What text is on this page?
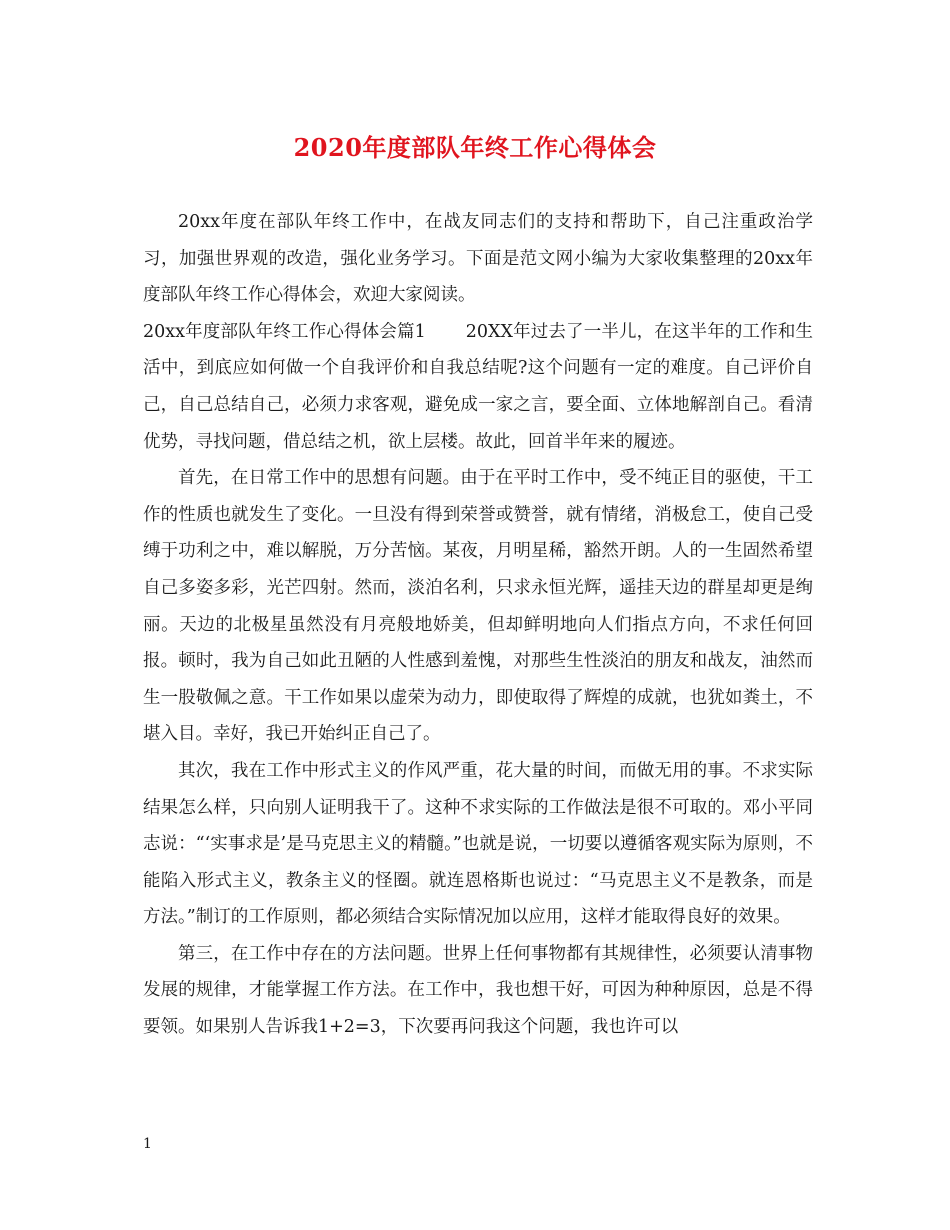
2020年度部队年终工作心得体会

20xx年度在部队年终工作中，在战友同志们的支持和帮助下，自己注重政治学习，加强世界观的改造，强化业务学习。下面是范文网小编为大家收集整理的20xx年度部队年终工作心得体会，欢迎大家阅读。

20xx年度部队年终工作心得体会篇1 20XX年过去了一半儿，在这半年的工作和生活中，到底应如何做一个自我评价和自我总结呢?这个问题有一定的难度。自己评价自己，自己总结自己，必须力求客观，避免成一家之言，要全面、立体地解剖自己。看清优势，寻找问题，借总结之机，欲上层楼。故此，回首半年来的履迹。

首先，在日常工作中的思想有问题。由于在平时工作中，受不纯正目的驱使，干工作的性质也就发生了变化。一旦没有得到荣誉或赞誉，就有情绪，消极怠工，使自己受缚于功利之中，难以解脱，万分苦恼。某夜，月明星稀，豁然开朗。人的一生固然希望自己多姿多彩，光芒四射。然而，淡泊名利，只求永恒光辉，遥挂天边的群星却更是绚丽。天边的北极星虽然没有月亮般地娇美，但却鲜明地向人们指点方向，不求任何回报。顿时，我为自己如此丑陋的人性感到羞愧，对那些生性淡泊的朋友和战友，油然而生一股敬佩之意。干工作如果以虚荣为动力，即使取得了辉煌的成就，也犹如粪土，不堪入目。幸好，我已开始纠正自己了。

其次，我在工作中形式主义的作风严重，花大量的时间，而做无用的事。不求实际结果怎么样，只向别人证明我干了。这种不求实际的工作做法是很不可取的。邓小平同志说：“‘实事求是’是马克思主义的精髓。”也就是说，一切要以遵循客观实际为原则，不能陷入形式主义，教条主义的怪圈。就连恩格斯也说过：“马克思主义不是教条，而是方法。”制订的工作原则，都必须结合实际情况加以应用，这样才能取得良好的效果。

第三，在工作中存在的方法问题。世界上任何事物都有其规律性，必须要认清事物发展的规律，才能掌握工作方法。在工作中，我也想干好，可因为种种原因，总是不得要领。如果别人告诉我1+2=3，下次要再问我这个问题，我也许可以

1
